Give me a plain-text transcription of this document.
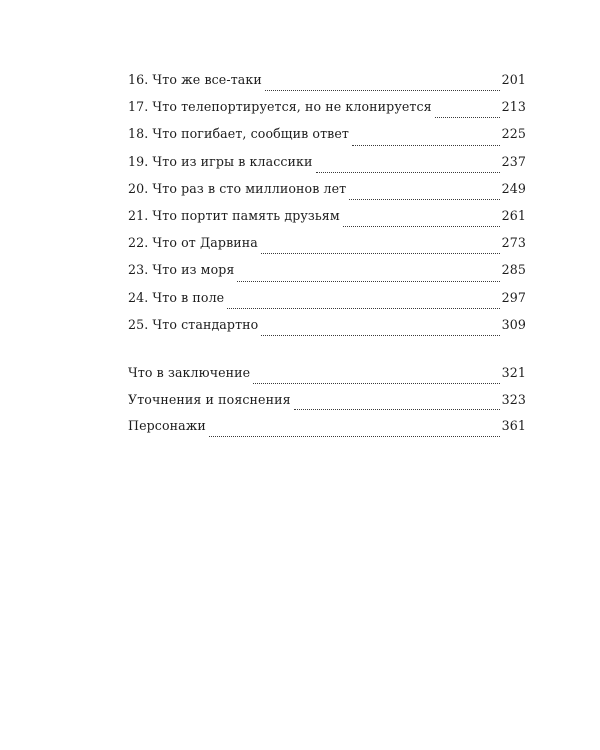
16. Что же все-таки	201
17. Что телепортируется, но не клонируется	213
18. Что погибает, сообщив ответ	225
19. Что из игры в классики	237
20. Что раз в сто миллионов лет	249
21. Что портит память друзьям	261
22. Что от Дарвина	273
23. Что из моря	285
24. Что в поле	297
25. Что стандартно	309
Что в заключение	321
Уточнения и пояснения	323
Персонажи	361
